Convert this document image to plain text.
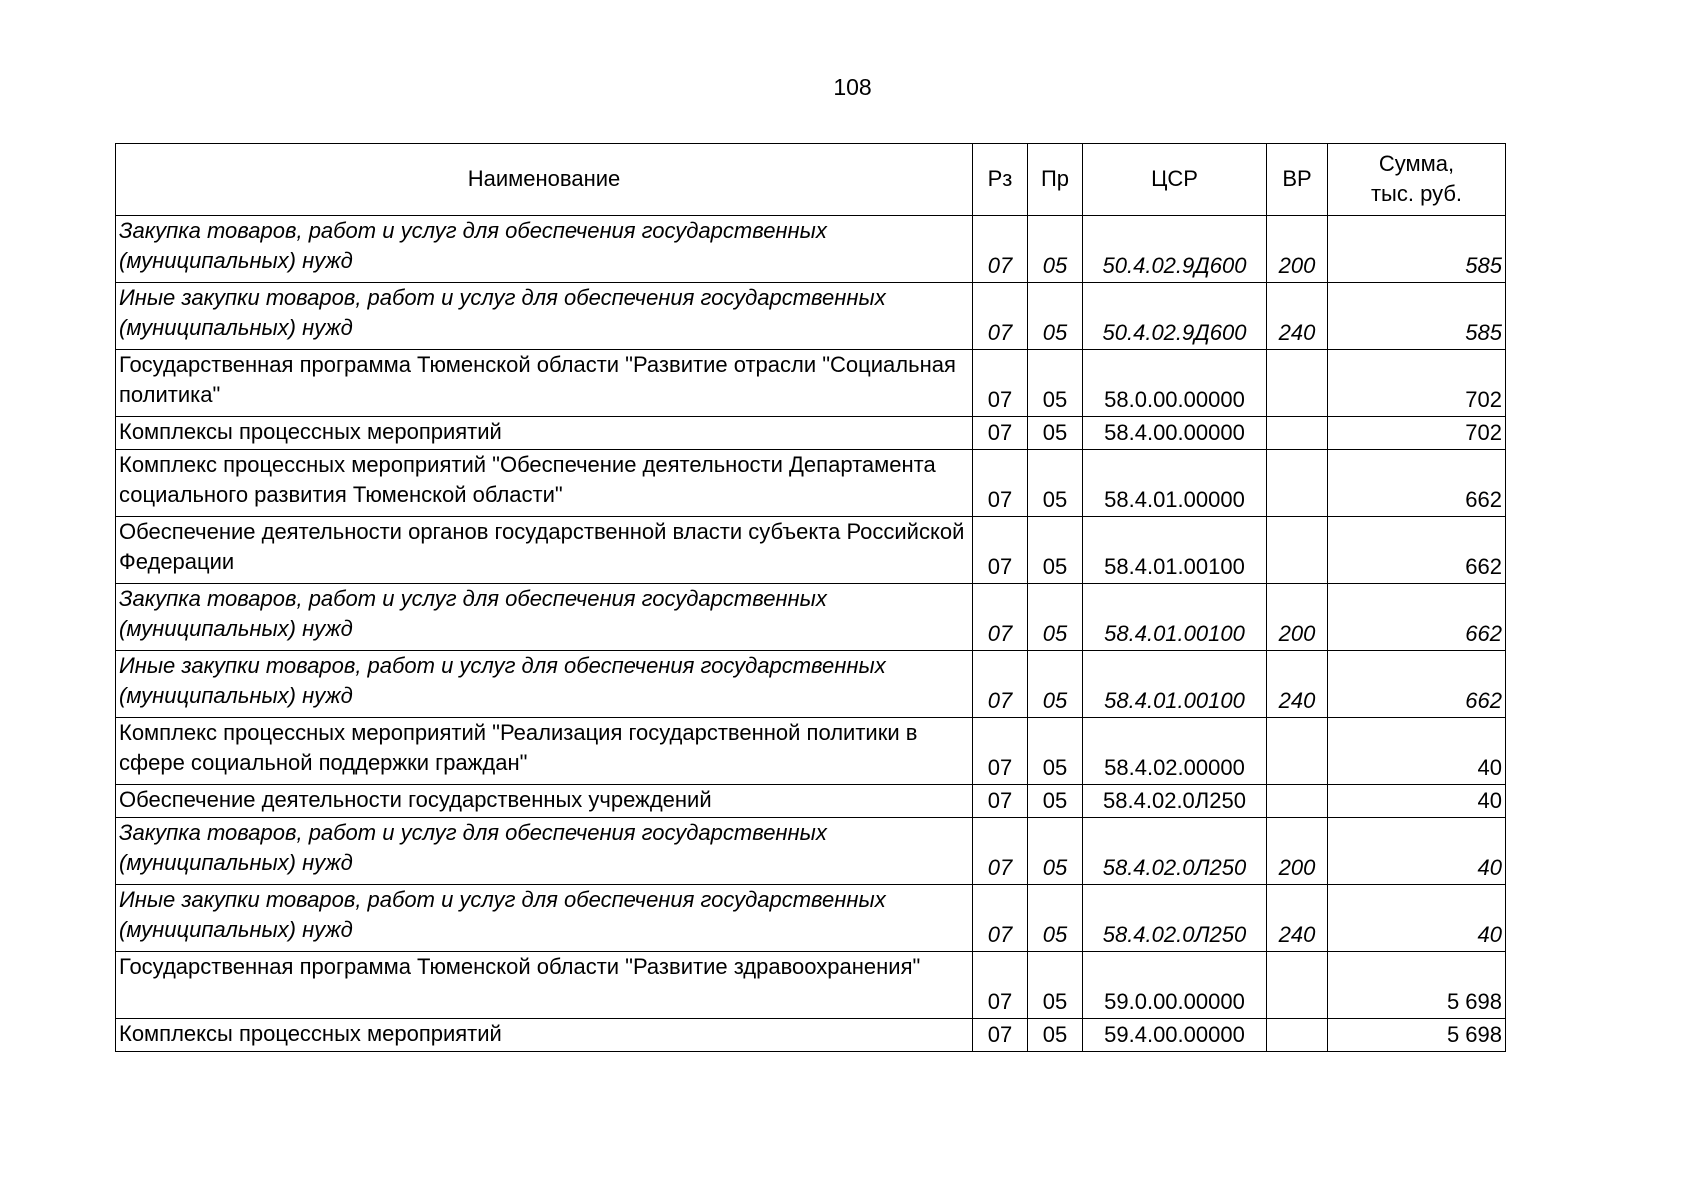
108
Наименование	Рз	Пр	ЦСР	ВР	Сумма,
тыс. руб.
Закупка товаров, работ и услуг для обеспечения государственных (муниципальных) нужд	07	05	50.4.02.9Д600	200	585
Иные закупки товаров, работ и услуг для обеспечения государственных (муниципальных) нужд	07	05	50.4.02.9Д600	240	585
Государственная программа Тюменской области "Развитие отрасли "Социальная политика"	07	05	58.0.00.00000		702
Комплексы процессных мероприятий	07	05	58.4.00.00000		702
Комплекс процессных мероприятий "Обеспечение деятельности Департамента социального развития Тюменской области"	07	05	58.4.01.00000		662
Обеспечение деятельности органов государственной власти субъекта Российской Федерации	07	05	58.4.01.00100		662
Закупка товаров, работ и услуг для обеспечения государственных (муниципальных) нужд	07	05	58.4.01.00100	200	662
Иные закупки товаров, работ и услуг для обеспечения государственных (муниципальных) нужд	07	05	58.4.01.00100	240	662
Комплекс процессных мероприятий "Реализация государственной политики в сфере социальной поддержки граждан"	07	05	58.4.02.00000		40
Обеспечение деятельности государственных учреждений	07	05	58.4.02.0Л250		40
Закупка товаров, работ и услуг для обеспечения государственных (муниципальных) нужд	07	05	58.4.02.0Л250	200	40
Иные закупки товаров, работ и услуг для обеспечения государственных (муниципальных) нужд	07	05	58.4.02.0Л250	240	40
Государственная программа Тюменской области "Развитие здравоохранения"	07	05	59.0.00.00000		5 698
Комплексы процессных мероприятий	07	05	59.4.00.00000		5 698
